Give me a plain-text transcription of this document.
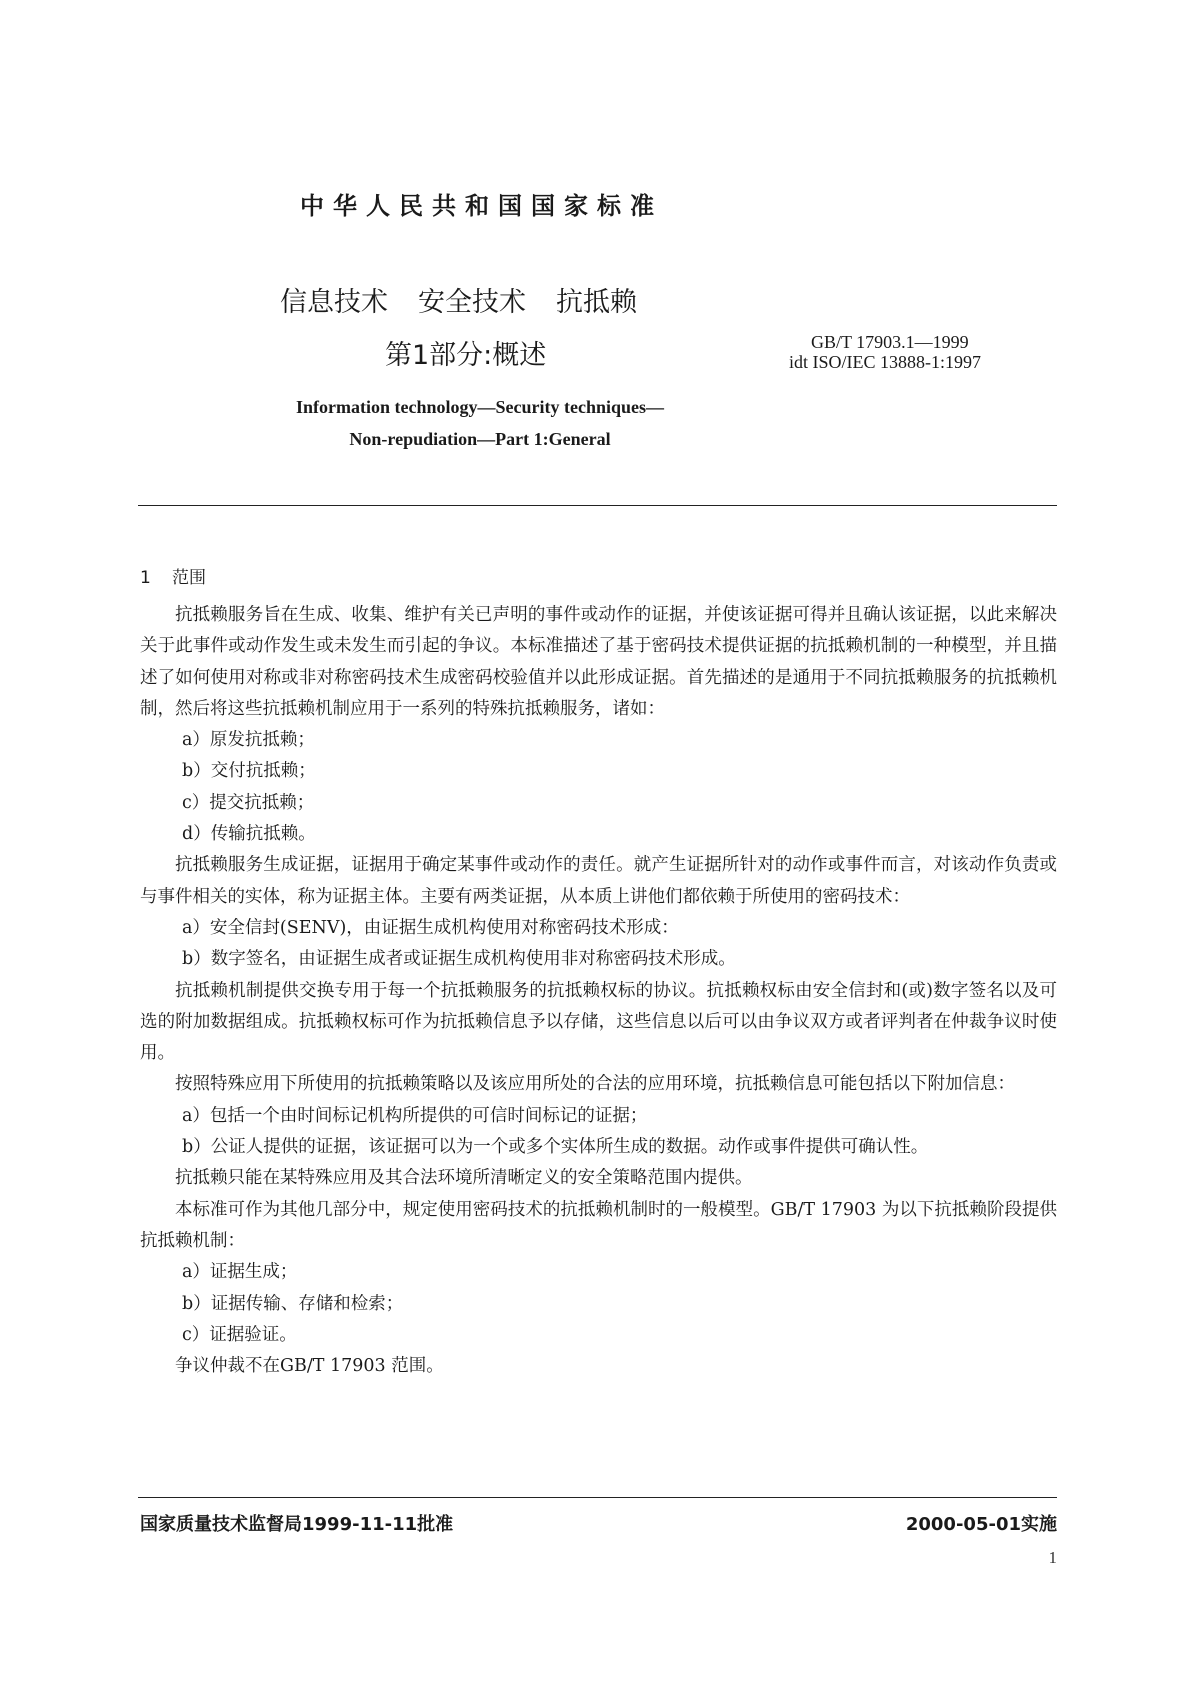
中华人民共和国国家标准
信息技术 安全技术 抗抵赖
第1部分:概述	GB/T 17903.1—1999
idt ISO/IEC 13888-1:1997
Information technology—Security techniques—
Non-repudiation—Part 1:General
1 范围

抗抵赖服务旨在生成、收集、维护有关已声明的事件或动作的证据，并使该证据可得并且确认该证据，以此来解决关于此事件或动作发生或未发生而引起的争议。本标准描述了基于密码技术提供证据的抗抵赖机制的一种模型，并且描述了如何使用对称或非对称密码技术生成密码校验值并以此形成证据。首先描述的是通用于不同抗抵赖服务的抗抵赖机制，然后将这些抗抵赖机制应用于一系列的特殊抗抵赖服务，诸如：

a）原发抗抵赖；

b）交付抗抵赖；

c）提交抗抵赖；

d）传输抗抵赖。

抗抵赖服务生成证据，证据用于确定某事件或动作的责任。就产生证据所针对的动作或事件而言，对该动作负责或与事件相关的实体，称为证据主体。主要有两类证据，从本质上讲他们都依赖于所使用的密码技术：

a）安全信封(SENV)，由证据生成机构使用对称密码技术形成：

b）数字签名，由证据生成者或证据生成机构使用非对称密码技术形成。

抗抵赖机制提供交换专用于每一个抗抵赖服务的抗抵赖权标的协议。抗抵赖权标由安全信封和(或)数字签名以及可选的附加数据组成。抗抵赖权标可作为抗抵赖信息予以存储，这些信息以后可以由争议双方或者评判者在仲裁争议时使用。

按照特殊应用下所使用的抗抵赖策略以及该应用所处的合法的应用环境，抗抵赖信息可能包括以下附加信息：

a）包括一个由时间标记机构所提供的可信时间标记的证据；

b）公证人提供的证据，该证据可以为一个或多个实体所生成的数据。动作或事件提供可确认性。

抗抵赖只能在某特殊应用及其合法环境所清晰定义的安全策略范围内提供。

本标准可作为其他几部分中，规定使用密码技术的抗抵赖机制时的一般模型。GB/T 17903 为以下抗抵赖阶段提供抗抵赖机制：

a）证据生成；

b）证据传输、存储和检索；

c）证据验证。

争议仲裁不在GB/T 17903 范围。

国家质量技术监督局1999-11-11批准	2000-05-01实施
1
